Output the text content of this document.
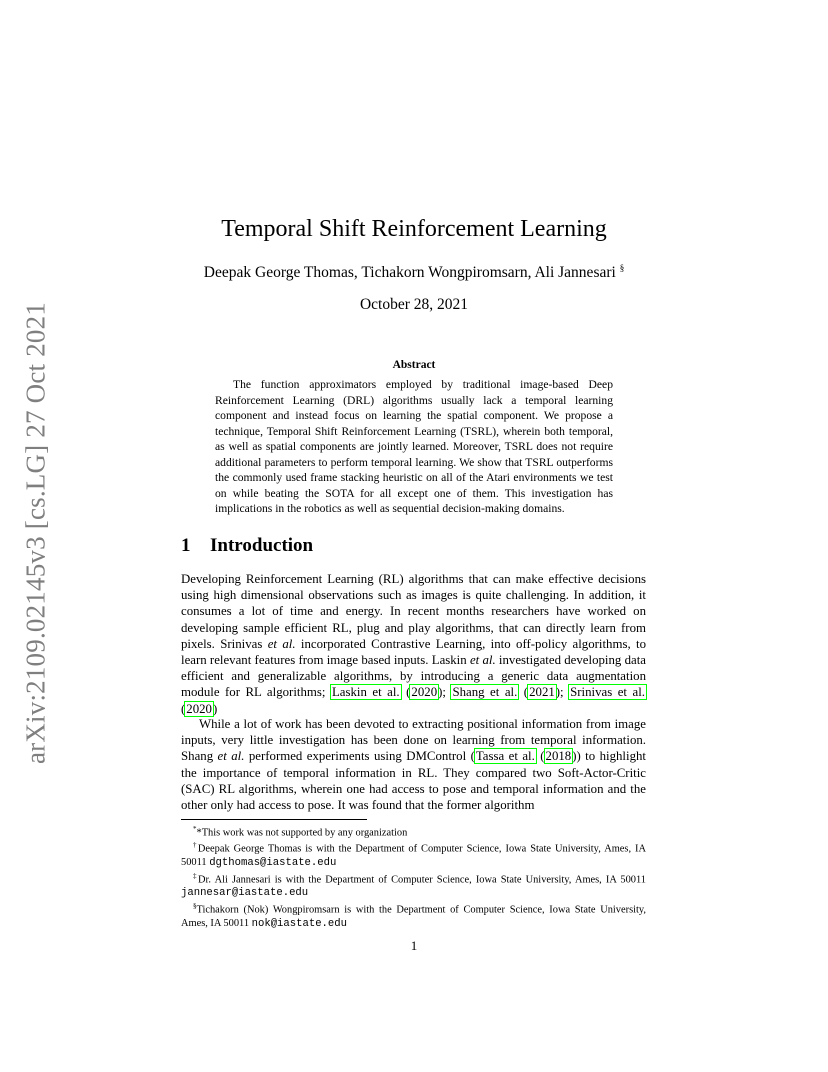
arXiv:2109.02145v3 [cs.LG] 27 Oct 2021
Temporal Shift Reinforcement Learning
Deepak George Thomas, Tichakorn Wongpiromsarn, Ali Jannesari §
October 28, 2021
Abstract
The function approximators employed by traditional image-based Deep Reinforcement Learning (DRL) algorithms usually lack a temporal learning component and instead focus on learning the spatial component. We propose a technique, Temporal Shift Reinforcement Learning (TSRL), wherein both temporal, as well as spatial components are jointly learned. Moreover, TSRL does not require additional parameters to perform temporal learning. We show that TSRL outperforms the commonly used frame stacking heuristic on all of the Atari environments we test on while beating the SOTA for all except one of them. This investigation has implications in the robotics as well as sequential decision-making domains.
1 Introduction
Developing Reinforcement Learning (RL) algorithms that can make effective decisions using high dimensional observations such as images is quite challenging. In addition, it consumes a lot of time and energy. In recent months researchers have worked on developing sample efficient RL, plug and play algorithms, that can directly learn from pixels. Srinivas et al. incorporated Contrastive Learning, into off-policy algorithms, to learn relevant features from image based inputs. Laskin et al. investigated developing data efficient and generalizable algorithms, by introducing a generic data augmentation module for RL algorithms; Laskin et al. (2020); Shang et al. (2021); Srinivas et al. (2020)
While a lot of work has been devoted to extracting positional information from image inputs, very little investigation has been done on learning from temporal information. Shang et al. performed experiments using DMControl (Tassa et al. (2018)) to highlight the importance of temporal information in RL. They compared two Soft-Actor-Critic (SAC) RL algorithms, wherein one had access to pose and temporal information and the other only had access to pose. It was found that the former algorithm
**This work was not supported by any organization
†Deepak George Thomas is with the Department of Computer Science, Iowa State University, Ames, IA 50011 dgthomas@iastate.edu
‡Dr. Ali Jannesari is with the Department of Computer Science, Iowa State University, Ames, IA 50011 jannesar@iastate.edu
§Tichakorn (Nok) Wongpiromsarn is with the Department of Computer Science, Iowa State University, Ames, IA 50011 nok@iastate.edu
1
